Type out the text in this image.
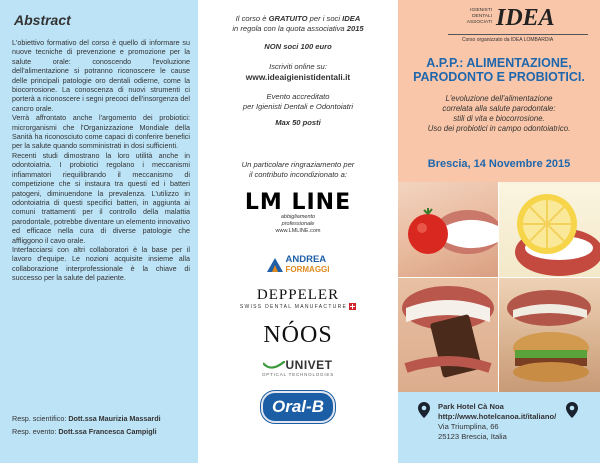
Abstract

L'obiettivo formativo del corso è quello di informare su nuove tecniche di prevenzione e promozione per la salute orale: conoscendo l'evoluzione dell'alimentazione si potranno riconoscere le cause delle principali patologie oro dentali odierne, come la biocorrosione. La conoscenza di nuovi strumenti ci porterà a riconoscere i segni precoci dell'insorgenza del cancro orale.

Verrà affrontato anche l'argomento dei probiotici: microrganismi che l'Organizzazione Mondiale della Sanità ha riconosciuto come capaci di conferire benefici per la salute quando somministrati in dosi sufficienti.

Recenti studi dimostrano la loro utilità anche in odontoiatria. I probiotici regolano i meccanismi infiammatori riequilibrando il meccanismo di competizione che si instaura tra questi ed i batteri patogeni, diminuendone la prevalenza. L'utilizzo in odontoiatria di questi specifici batteri, in aggiunta ai comuni trattamenti per il controllo della malattia parodontale, potrebbe diventare un elemento innovativo ed efficace nella cura di diverse patologie che affliggono il cavo orale.

Interfacciarsi con altri collaboratori è la base per il lavoro d'equipe. Le nozioni acquisite insieme alla collaborazione interprofessionale è la chiave di successo per la salute del paziente.

Resp. scientifico: Dott.ssa Maurizia Massardi
Resp. evento: Dott.ssa Francesca Campigli
Il corso è GRATUITO per i soci IDEA
in regola con la quota associativa 2015
NON soci 100 euro
Iscriviti online su:
www.ideaigienistidentali.it
Evento accreditato
per Igienisti Dentali e Odontoiatri
Max 50 posti
Un particolare ringraziamento per
il contributo incondizionato a:
LM LINE
abbigliamento
professionale
www.LMLINE.com
ANDREA
FORMAGGI
DEPPELER
SWISS DENTAL MANUFACTURE
NÓOS
UNIVET
OPTICAL TECHNOLOGIES
Oral-B
IGIENISTI
DENTALI
ASSOCIATI IDEA
Corso organizzato da IDEA LOMBARDIA
A.P.P.: ALIMENTAZIONE,
PARODONTO E PROBIOTICI.
L'evoluzione dell'alimentazione
correlata alla salute parodontale:
stili di vita e biocorrosione.
Uso dei probiotici in campo odontoiatrico.
Brescia, 14 Novembre 2015
Park Hotel Cà Noa
http://www.hotelcanoa.it/italiano/
Via Triumplina, 66
25123 Brescia, Italia
